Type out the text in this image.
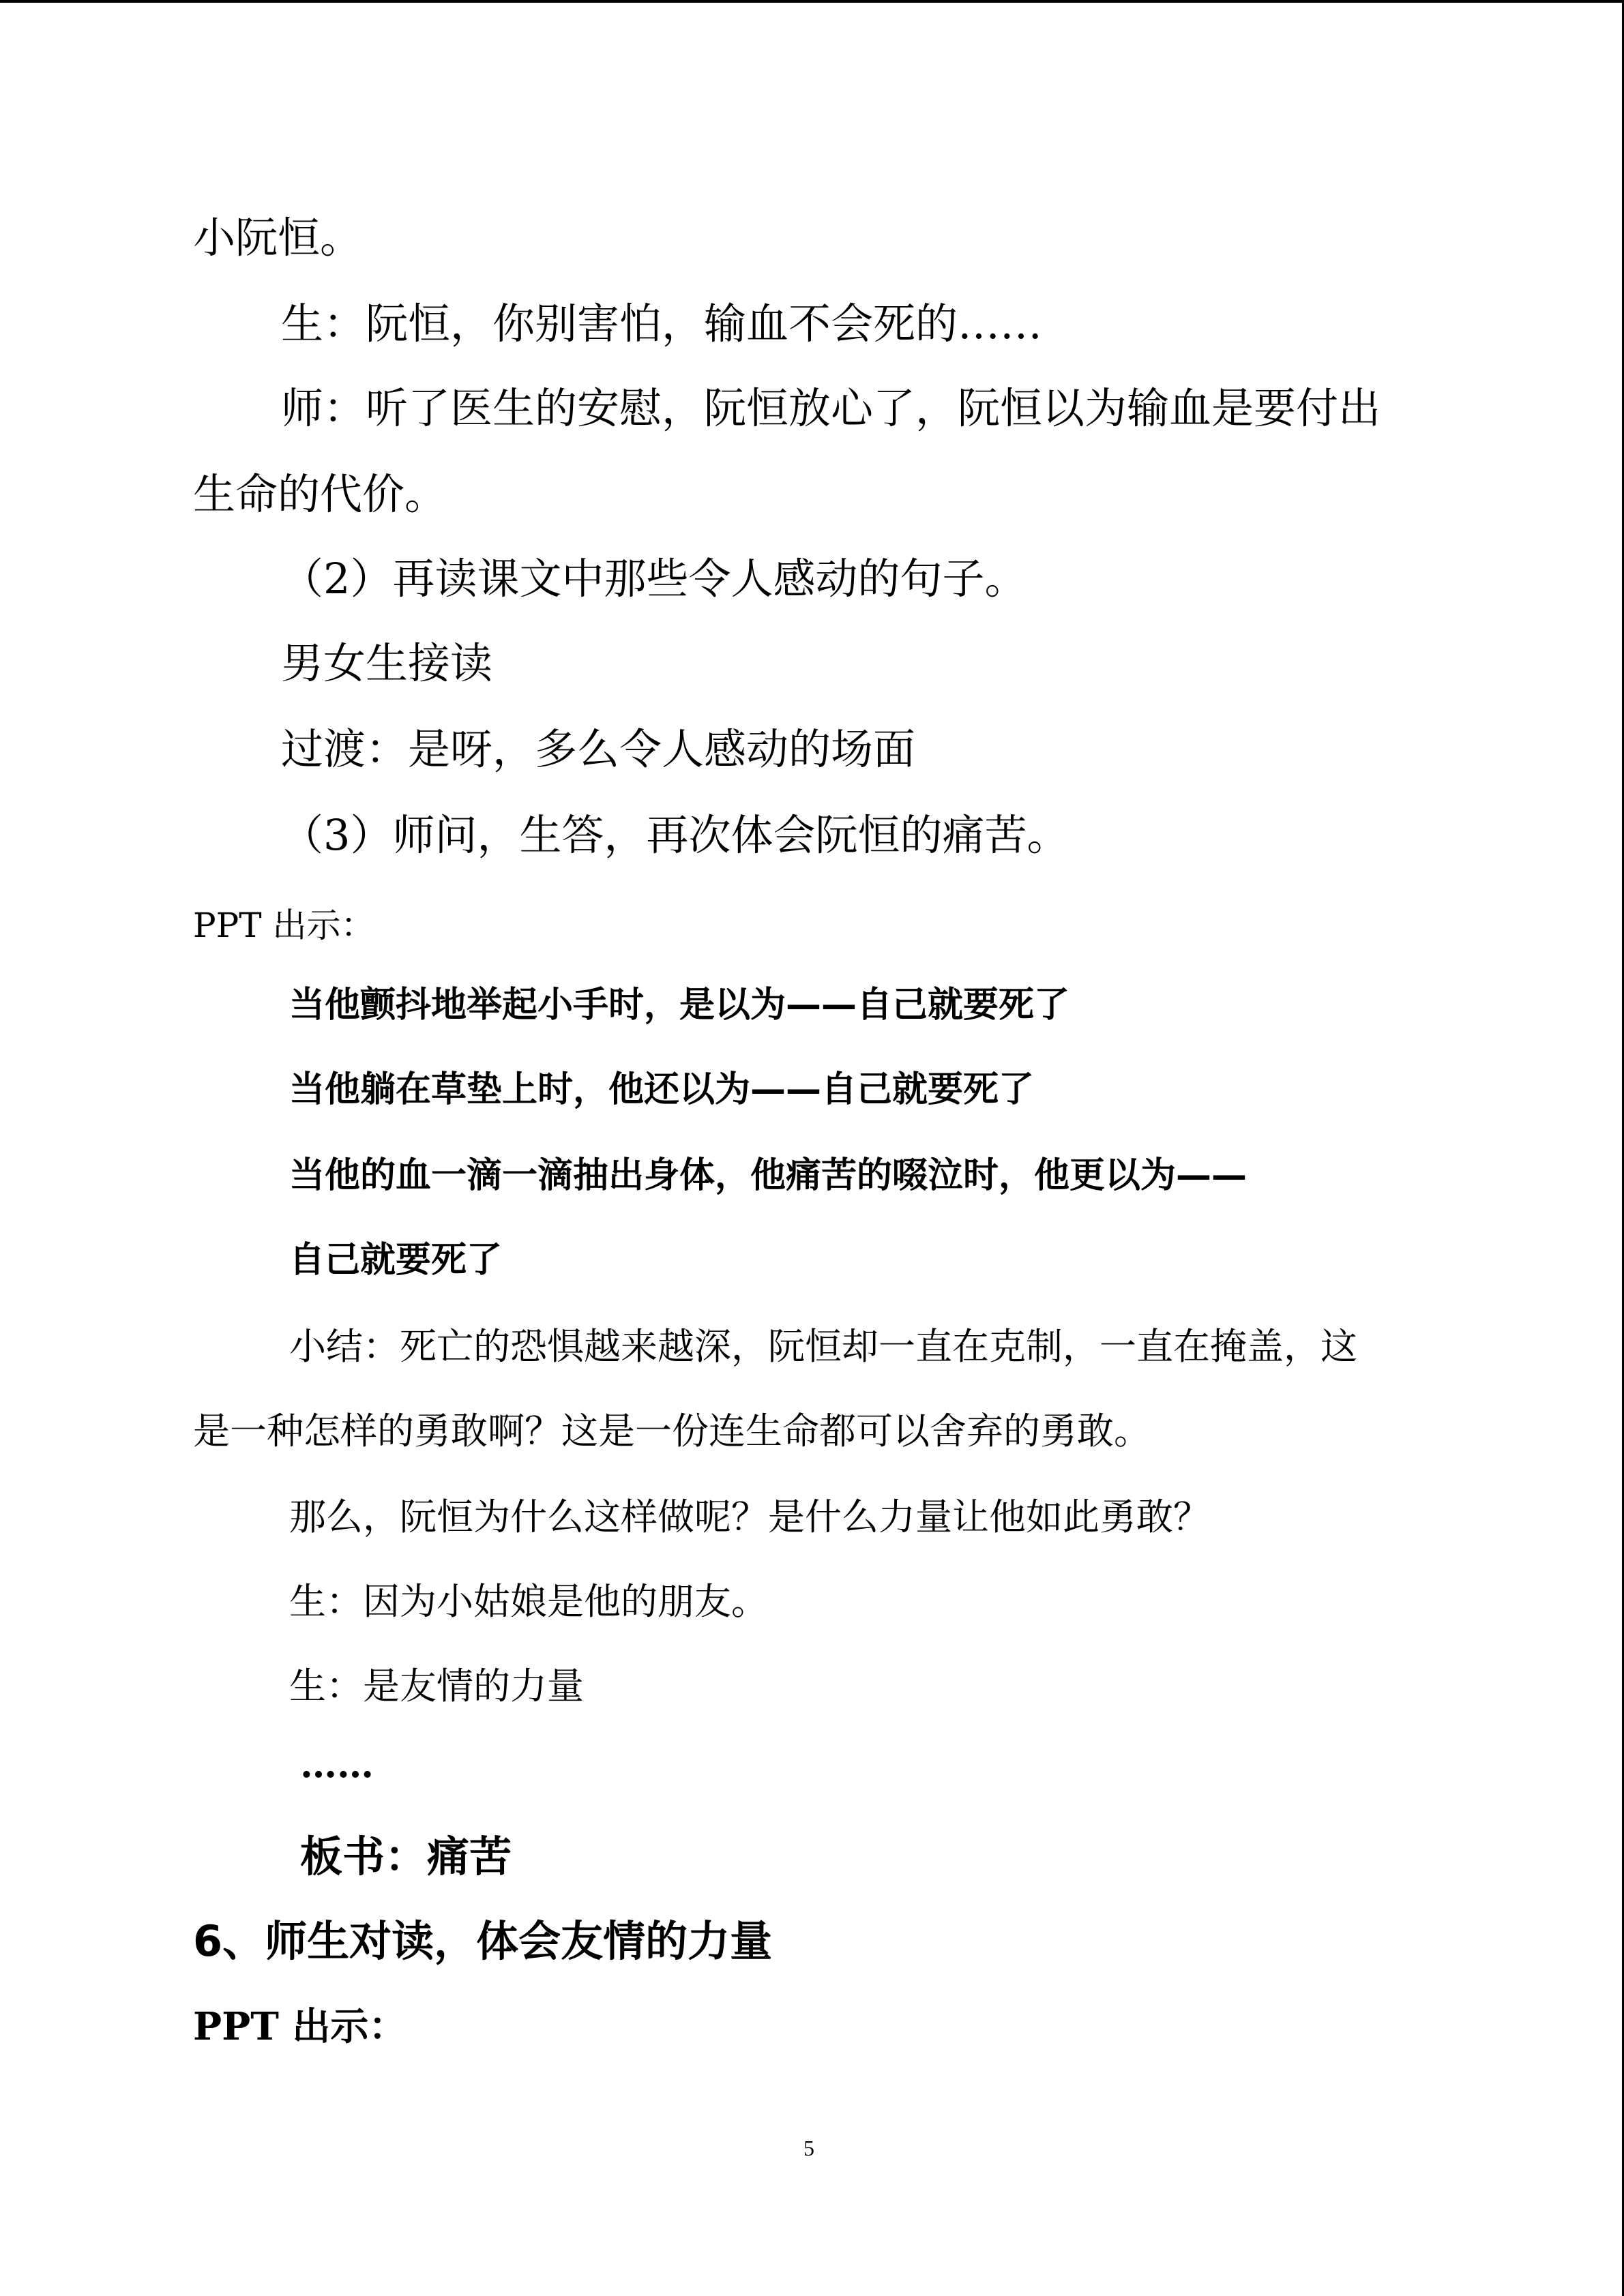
小阮恒。
生：阮恒，你别害怕，输血不会死的……
师：听了医生的安慰，阮恒放心了，阮恒以为输血是要付出
生命的代价。
（2）再读课文中那些令人感动的句子。
男女生接读
过渡：是呀，多么令人感动的场面
（3）师问，生答，再次体会阮恒的痛苦。
PPT 出示：
当他颤抖地举起小手时，是以为——自己就要死了
当他躺在草垫上时，他还以为——自己就要死了
当他的血一滴一滴抽出身体，他痛苦的啜泣时，他更以为——
自己就要死了
小结：死亡的恐惧越来越深，阮恒却一直在克制，一直在掩盖，这
是一种怎样的勇敢啊？这是一份连生命都可以舍弃的勇敢。
那么，阮恒为什么这样做呢？是什么力量让他如此勇敢？
生：因为小姑娘是他的朋友。
生：是友情的力量
……
板书：痛苦
6、师生对读，体会友情的力量
PPT 出示：
5
